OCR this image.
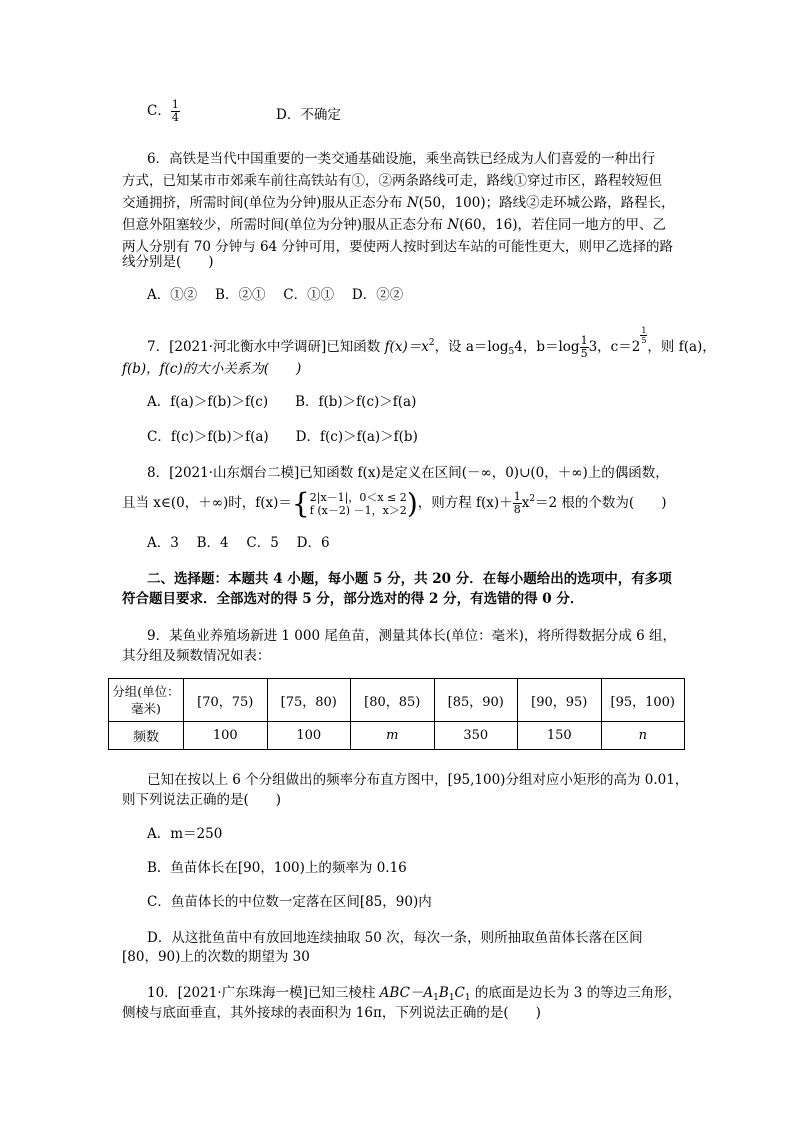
C． $\frac{1}{4}$	D．不确定
6．高铁是当代中国重要的一类交通基础设施，乘坐高铁已经成为人们喜爱的一种出行
方式，已知某市市郊乘车前往高铁站有①，②两条路线可走，路线①穿过市区，路程较短但
交通拥挤，所需时间(单位为分钟)服从正态分布 N(50，100)；路线②走环城公路，路程长，
但意外阻塞较少，所需时间(单位为分钟)服从正态分布 N(60，16)，若住同一地方的甲、乙
两人分别有 70 分钟与 64 分钟可用，要使两人按时到达车站的可能性更大，则甲乙选择的路
线分别是(　　)
A．①②　 B．②①　 C．①①　 D．②②
7．[2021·河北衡水中学调研]已知函数 $f(x)=x^2$，设 $a=\log_54$，$b=\log \frac{1}{5} 3$，c＝2
$\frac{1}{5}$
，则 f(a)，
f(b)，f(c)的大小关系为(　　)
A．f(a)＞f(b)＞f(c)　　B．f(b)＞f(c)＞f(a)
C．f(c)＞f(b)＞f(a)　　D．f(c)＞f(a)＞f(b)
8．[2021·山东烟台二模]已知函数 f(x)是定义在区间(－∞，0)∪(0，＋∞)上的偶函数，
且当 x∈(0，＋∞)时，f(x)＝{ 2|x－1|，0＜x ≤ 2
f (x－2) －1，x＞2 )，则方程 $f(x)+ \frac{1}{8} x^2=2$ 根的个数为(　　)
A．3　 B．4　 C．5　 D．6
二、选择题：本题共 4 小题，每小题 5 分，共 20 分．在每小题给出的选项中，有多项
符合题目要求．全部选对的得 5 分，部分选对的得 2 分，有选错的得 0 分．
9．某鱼业养殖场新进 1 000 尾鱼苗，测量其体长(单位：毫米)，将所得数据分成 6 组，
其分组及频数情况如表：
分组(单位：
毫米)	[70，75)	[75，80)	[80，85)	[85，90)	[90，95)	[95，100)
频数	100	100	m	350	150	n
已知在按以上 6 个分组做出的频率分布直方图中，[95,100)分组对应小矩形的高为 0.01，
则下列说法正确的是(　　)
A．m＝250
B．鱼苗体长在[90，100)上的频率为 0.16
C．鱼苗体长的中位数一定落在区间[85，90)内
D．从这批鱼苗中有放回地连续抽取 50 次，每次一条，则所抽取鱼苗体长落在区间
[80，90)上的次数的期望为 30
10．[2021·广东珠海一模]已知三棱柱 $ABC-A_1B_1C_1$ 的底面是边长为 3 的等边三角形，
侧棱与底面垂直，其外接球的表面积为 16π，下列说法正确的是(　　)
